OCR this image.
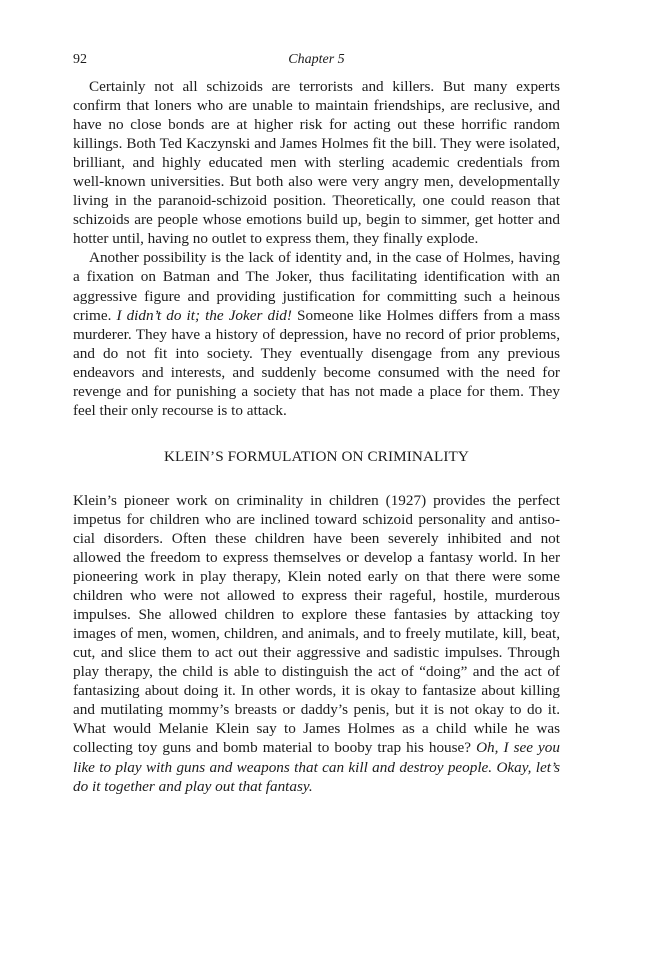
92	Chapter 5

Certainly not all schizoids are terrorists and killers. But many experts confirm that loners who are unable to maintain friendships, are reclusive, and have no close bonds are at higher risk for acting out these horrific random killings. Both Ted Kaczynski and James Holmes fit the bill. They were isolated, brilliant, and highly educated men with sterling academic credentials from well-known universities. But both also were very angry men, developmentally living in the paranoid-schizoid position. Theoretically, one could reason that schizoids are people whose emotions build up, begin to simmer, get hotter and hotter until, having no outlet to express them, they finally explode.

Another possibility is the lack of identity and, in the case of Holmes, having a fixation on Batman and The Joker, thus facilitating identification with an aggressive figure and providing justification for committing such a heinous crime. I didn’t do it; the Joker did! Someone like Holmes differs from a mass murderer. They have a history of depression, have no record of prior problems, and do not fit into society. They eventually disengage from any previous endeavors and interests, and suddenly become consumed with the need for revenge and for punishing a society that has not made a place for them. They feel their only recourse is to attack.

KLEIN’S FORMULATION ON CRIMINALITY

Klein’s pioneer work on criminality in children (1927) provides the perfect impetus for children who are inclined toward schizoid personality and antisocial disorders. Often these children have been severely inhibited and not allowed the freedom to express themselves or develop a fantasy world. In her pioneering work in play therapy, Klein noted early on that there were some children who were not allowed to express their rageful, hostile, murderous impulses. She allowed children to explore these fantasies by attacking toy images of men, women, children, and animals, and to freely mutilate, kill, beat, cut, and slice them to act out their aggressive and sadistic impulses. Through play therapy, the child is able to distinguish the act of “doing” and the act of fantasizing about doing it. In other words, it is okay to fantasize about killing and mutilating mommy’s breasts or daddy’s penis, but it is not okay to do it. What would Melanie Klein say to James Holmes as a child while he was collecting toy guns and bomb material to booby trap his house? Oh, I see you like to play with guns and weapons that can kill and destroy people. Okay, let’s do it together and play out that fantasy.
